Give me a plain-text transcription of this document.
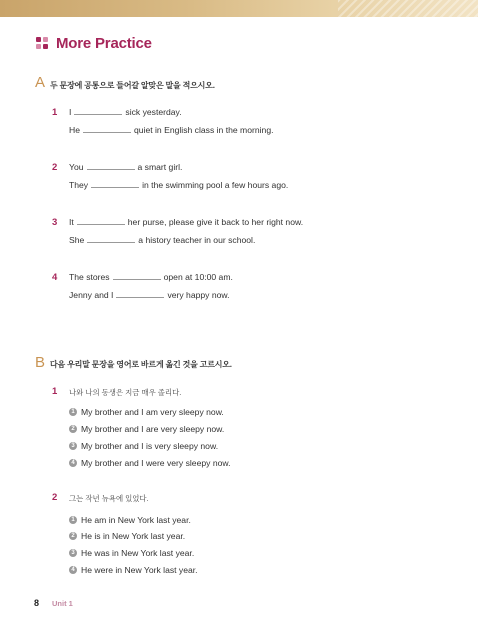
More Practice
A 두 문장에 공통으로 들어갈 알맞은 말을 적으시오.
1 I	sick yesterday.
He	quiet in English class in the morning.
2 You	a smart girl.
They	in the swimming pool a few hours ago.
3 It	her purse, please give it back to her right now.
She	a history teacher in our school.
4 The stores	open at 10:00 am.
Jenny and I	very happy now.
B 다음 우리말 문장을 영어로 바르게 옮긴 것을 고르시오.
1 나와 나의 동생은 지금 매우 졸리다.
1 My brother and I am very sleepy now.
2 My brother and I are very sleepy now.
3 My brother and I is very sleepy now.
4 My brother and I were very sleepy now.
2 그는 작년 뉴욕에 있었다.
1 He am in New York last year.
2 He is in New York last year.
3 He was in New York last year.
4 He were in New York last year.
8 Unit 1
